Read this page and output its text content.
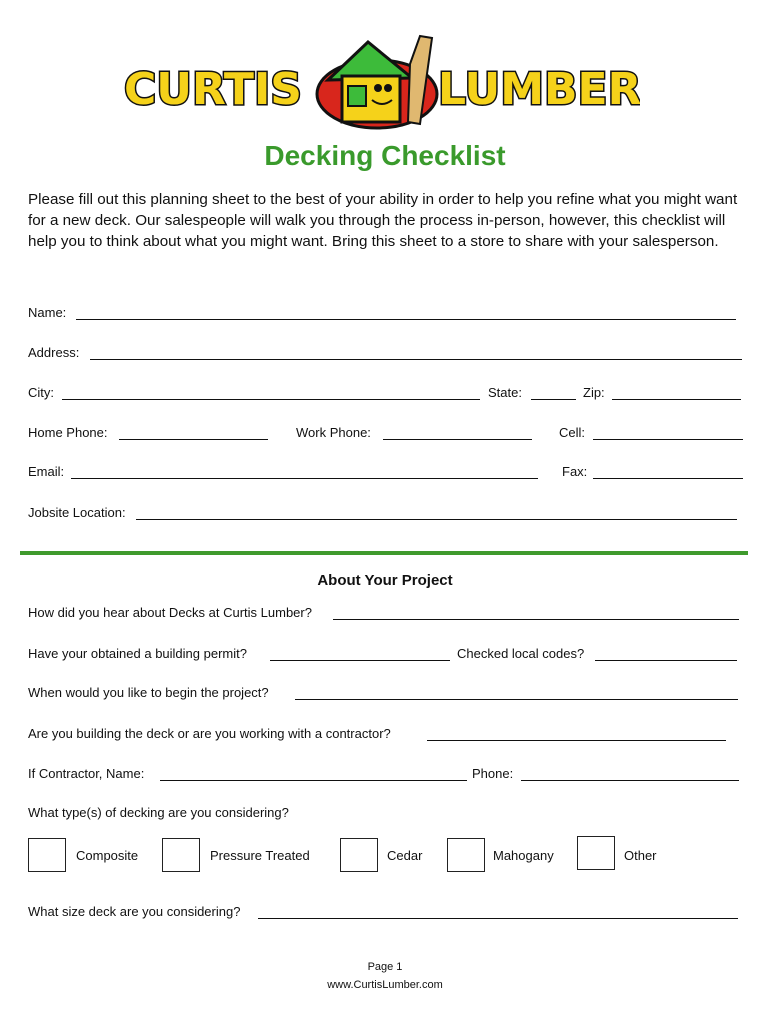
CURTIS	LUMBER
Decking Checklist
Please fill out this planning sheet to the best of your ability in order to help you refine what you might want for a new deck. Our salespeople will walk you through the process in-person, however, this checklist will help you to think about what you might want. Bring this sheet to a store to share with your salesperson.
Name:
Address:
City:	State:	Zip:
Home Phone:	Work Phone:	Cell:
Email:	Fax:
Jobsite Location:
About Your Project
How did you hear about Decks at Curtis Lumber?
Have your obtained a building permit?	Checked local codes?
When would you like to begin the project?
Are you building the deck or are you working with a contractor?
If Contractor, Name:	Phone:
What type(s) of decking are you considering?
Composite	Pressure Treated	Cedar	Mahogany	Other
What size deck are you considering?
Page 1
www.CurtisLumber.com
